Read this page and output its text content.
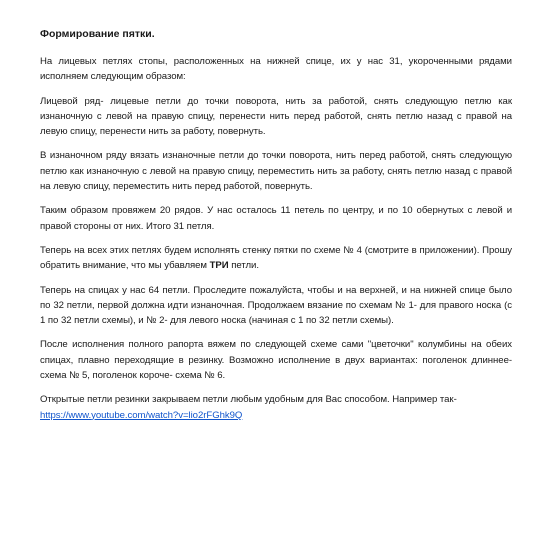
Формирование пятки.

На лицевых петлях стопы, расположенных на нижней спице, их у нас 31, укороченными рядами исполняем следующим образом:

Лицевой ряд- лицевые петли до точки поворота, нить за работой, снять следующую петлю как изнаночную с левой на правую спицу, перенести нить перед работой, снять петлю назад с правой на левую спицу, перенести нить за работу, повернуть.

В изнаночном ряду вязать изнаночные петли до точки поворота, нить перед работой, снять следующую петлю как изнаночную с левой на правую спицу, переместить нить за работу, снять петлю назад с правой на левую спицу, переместить нить перед работой, повернуть.

Таким образом провяжем 20 рядов. У нас осталось 11 петель по центру, и по 10 обернутых с левой и правой стороны от них. Итого 31 петля.

Теперь на всех этих петлях будем исполнять стенку пятки по схеме № 4 (смотрите в приложении). Прошу обратить внимание, что мы убавляем ТРИ петли.

Теперь на спицах у нас 64 петли. Проследите пожалуйста, чтобы и на верхней, и на нижней спице было по 32 петли, первой должна идти изнаночная. Продолжаем вязание по схемам № 1- для правого носка (с 1 по 32 петли схемы), и № 2- для левого носка (начиная с 1 по 32 петли схемы).

После исполнения полного рапорта вяжем по следующей схеме сами "цветочки" колумбины на обеих спицах, плавно переходящие в резинку. Возможно исполнение в двух вариантах: поголенок длиннее- схема № 5, поголенок короче- схема № 6.

Открытые петли резинки закрываем петли любым удобным для Вас способом. Например так-
https://www.youtube.com/watch?v=lio2rFGhk9Q
